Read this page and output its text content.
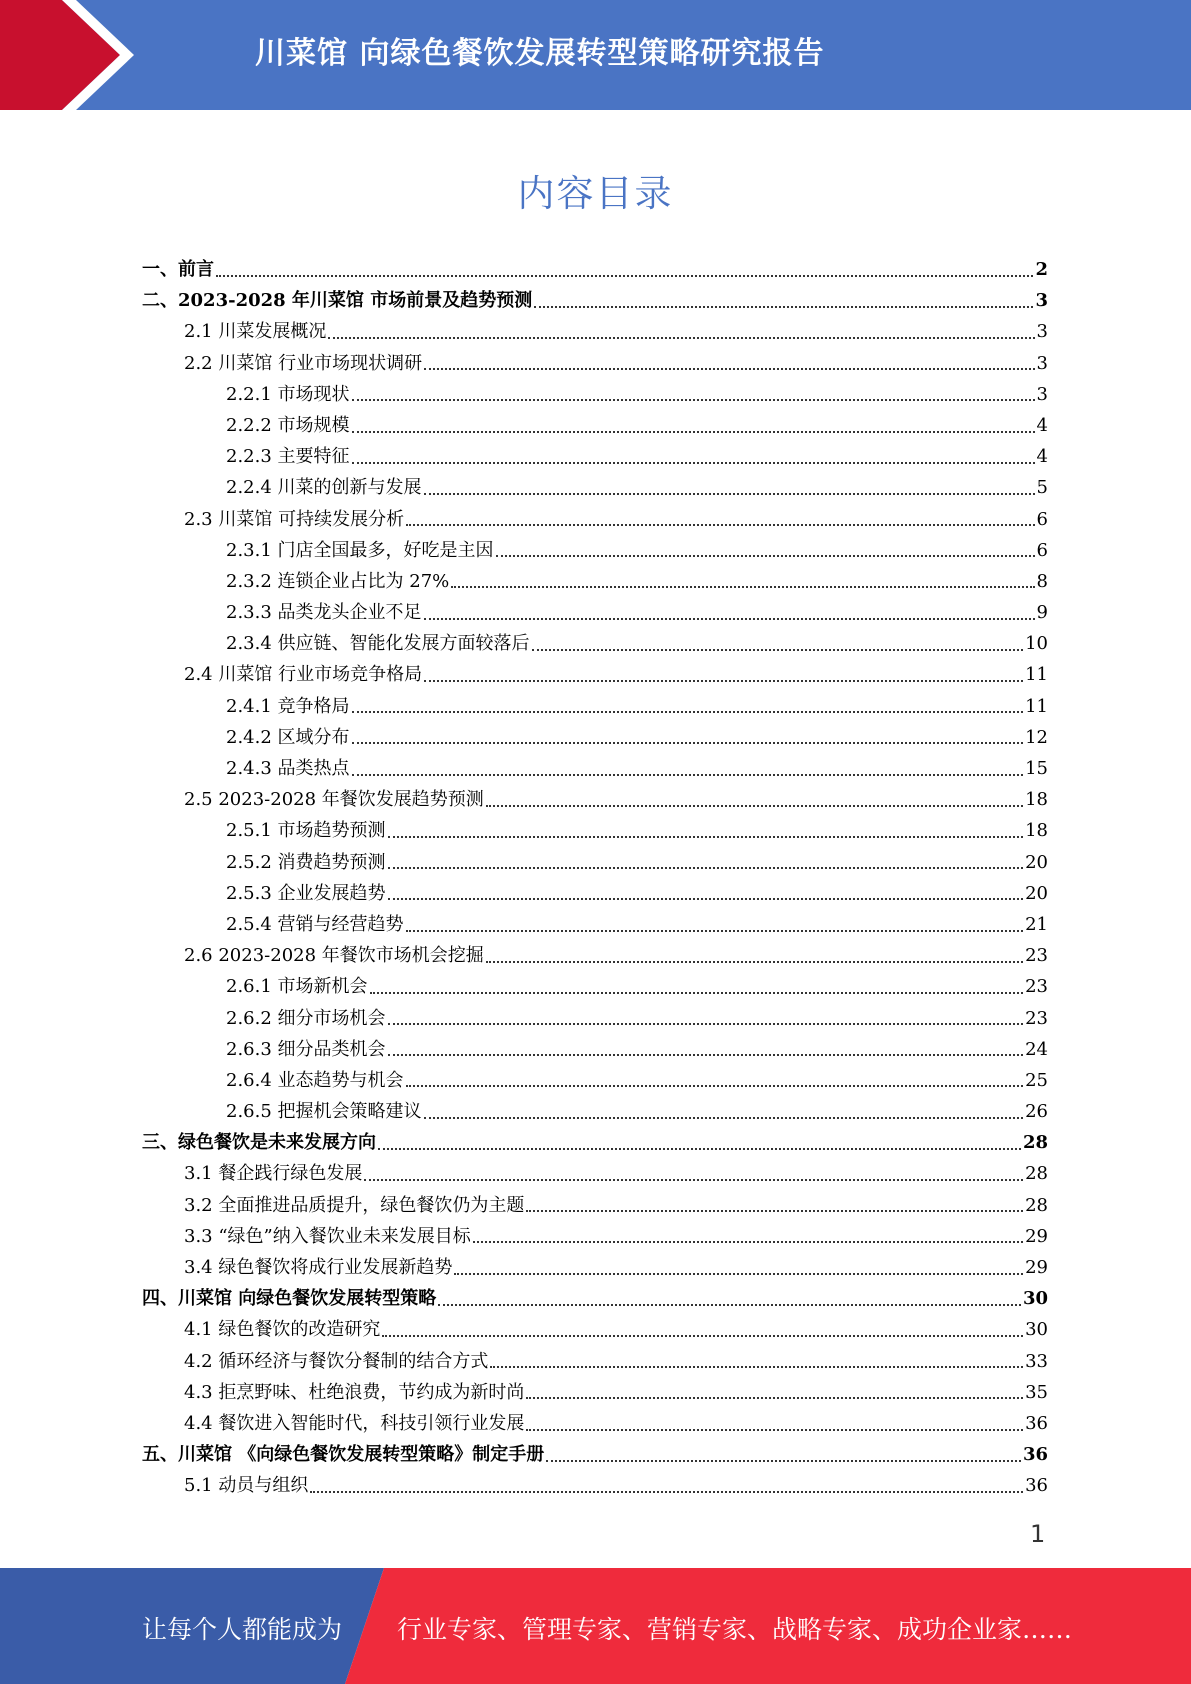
川菜馆 向绿色餐饮发展转型策略研究报告
内容目录
一、前言	2
二、2023-2028 年川菜馆 市场前景及趋势预测	3
2.1 川菜发展概况	3
2.2 川菜馆 行业市场现状调研	3
2.2.1 市场现状	3
2.2.2 市场规模	4
2.2.3 主要特征	4
2.2.4 川菜的创新与发展	5
2.3 川菜馆 可持续发展分析	6
2.3.1 门店全国最多，好吃是主因	6
2.3.2 连锁企业占比为 27%	8
2.3.3 品类龙头企业不足	9
2.3.4 供应链、智能化发展方面较落后	10
2.4 川菜馆 行业市场竞争格局	11
2.4.1 竞争格局	11
2.4.2 区域分布	12
2.4.3 品类热点	15
2.5 2023-2028 年餐饮发展趋势预测	18
2.5.1 市场趋势预测	18
2.5.2 消费趋势预测	20
2.5.3 企业发展趋势	20
2.5.4 营销与经营趋势	21
2.6 2023-2028 年餐饮市场机会挖掘	23
2.6.1 市场新机会	23
2.6.2 细分市场机会	23
2.6.3 细分品类机会	24
2.6.4 业态趋势与机会	25
2.6.5 把握机会策略建议	26
三、绿色餐饮是未来发展方向	28
3.1 餐企践行绿色发展	28
3.2 全面推进品质提升，绿色餐饮仍为主题	28
3.3 “绿色”纳入餐饮业未来发展目标	29
3.4 绿色餐饮将成行业发展新趋势	29
四、川菜馆 向绿色餐饮发展转型策略	30
4.1 绿色餐饮的改造研究	30
4.2 循环经济与餐饮分餐制的结合方式	33
4.3 拒烹野味、杜绝浪费，节约成为新时尚	35
4.4 餐饮进入智能时代，科技引领行业发展	36
五、川菜馆 《向绿色餐饮发展转型策略》制定手册	36
5.1 动员与组织	36
1
让每个人都能成为 行业专家、管理专家、营销专家、战略专家、成功企业家……
